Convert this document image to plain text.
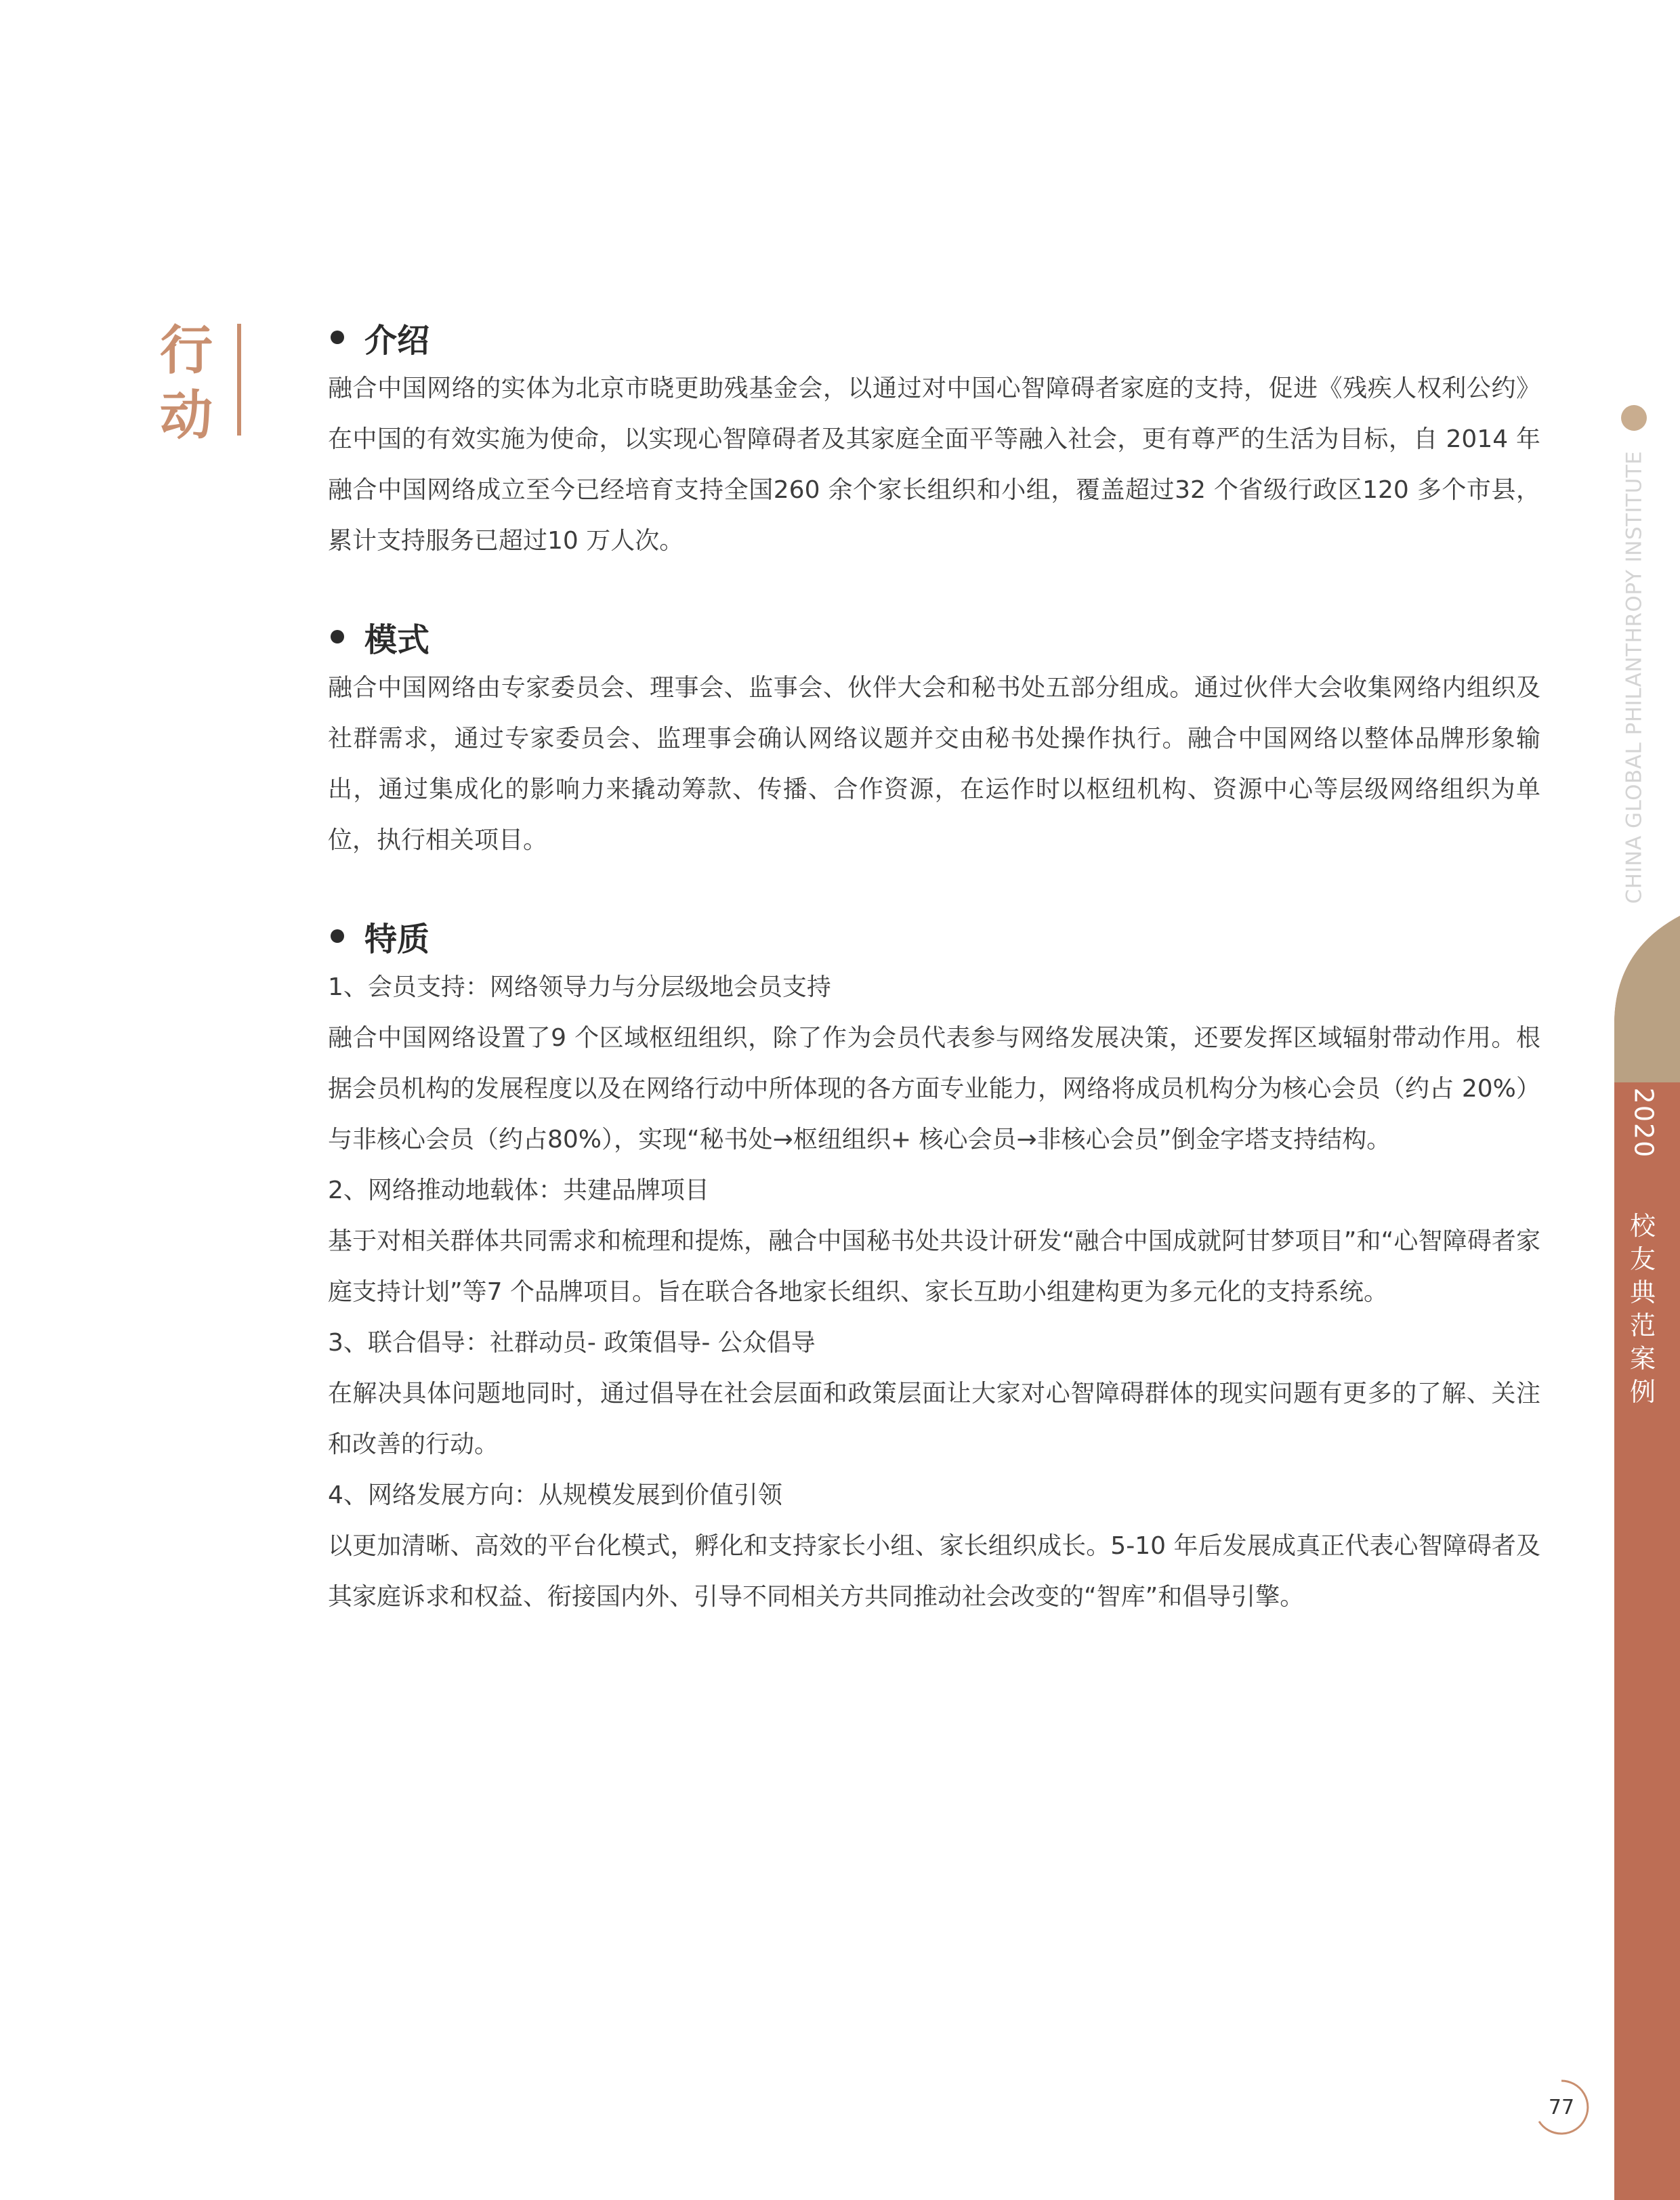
行
动
介绍

融合中国网络的实体为北京市晓更助残基金会，以通过对中国心智障碍者家庭的支持，促进《残疾人权利公约》在中国的有效实施为使命，以实现心智障碍者及其家庭全面平等融入社会，更有尊严的生活为目标，自 2014 年融合中国网络成立至今已经培育支持全国260 余个家长组织和小组，覆盖超过32 个省级行政区120 多个市县，累计支持服务已超过10 万人次。

模式

融合中国网络由专家委员会、理事会、监事会、伙伴大会和秘书处五部分组成。通过伙伴大会收集网络内组织及社群需求，通过专家委员会、监理事会确认网络议题并交由秘书处操作执行。融合中国网络以整体品牌形象输出，通过集成化的影响力来撬动筹款、传播、合作资源，在运作时以枢纽机构、资源中心等层级网络组织为单位，执行相关项目。

特质

1、会员支持：网络领导力与分层级地会员支持

融合中国网络设置了9 个区域枢纽组织，除了作为会员代表参与网络发展决策，还要发挥区域辐射带动作用。根据会员机构的发展程度以及在网络行动中所体现的各方面专业能力，网络将成员机构分为核心会员（约占 20%）与非核心会员（约占80%），实现“秘书处→枢纽组织+ 核心会员→非核心会员”倒金字塔支持结构。

2、网络推动地载体：共建品牌项目

基于对相关群体共同需求和梳理和提炼，融合中国秘书处共设计研发“融合中国成就阿甘梦项目”和“心智障碍者家庭支持计划”等7 个品牌项目。旨在联合各地家长组织、家长互助小组建构更为多元化的支持系统。

3、联合倡导：社群动员- 政策倡导- 公众倡导

在解决具体问题地同时，通过倡导在社会层面和政策层面让大家对心智障碍群体的现实问题有更多的了解、关注和改善的行动。

4、网络发展方向：从规模发展到价值引领

以更加清晰、高效的平台化模式，孵化和支持家长小组、家长组织成长。5-10 年后发展成真正代表心智障碍者及其家庭诉求和权益、衔接国内外、引导不同相关方共同推动社会改变的“智库”和倡导引擎。

CHINA GLOBAL PHILANTHROPY INSTITUTE
2020
校
友
典
范
案
例
77
